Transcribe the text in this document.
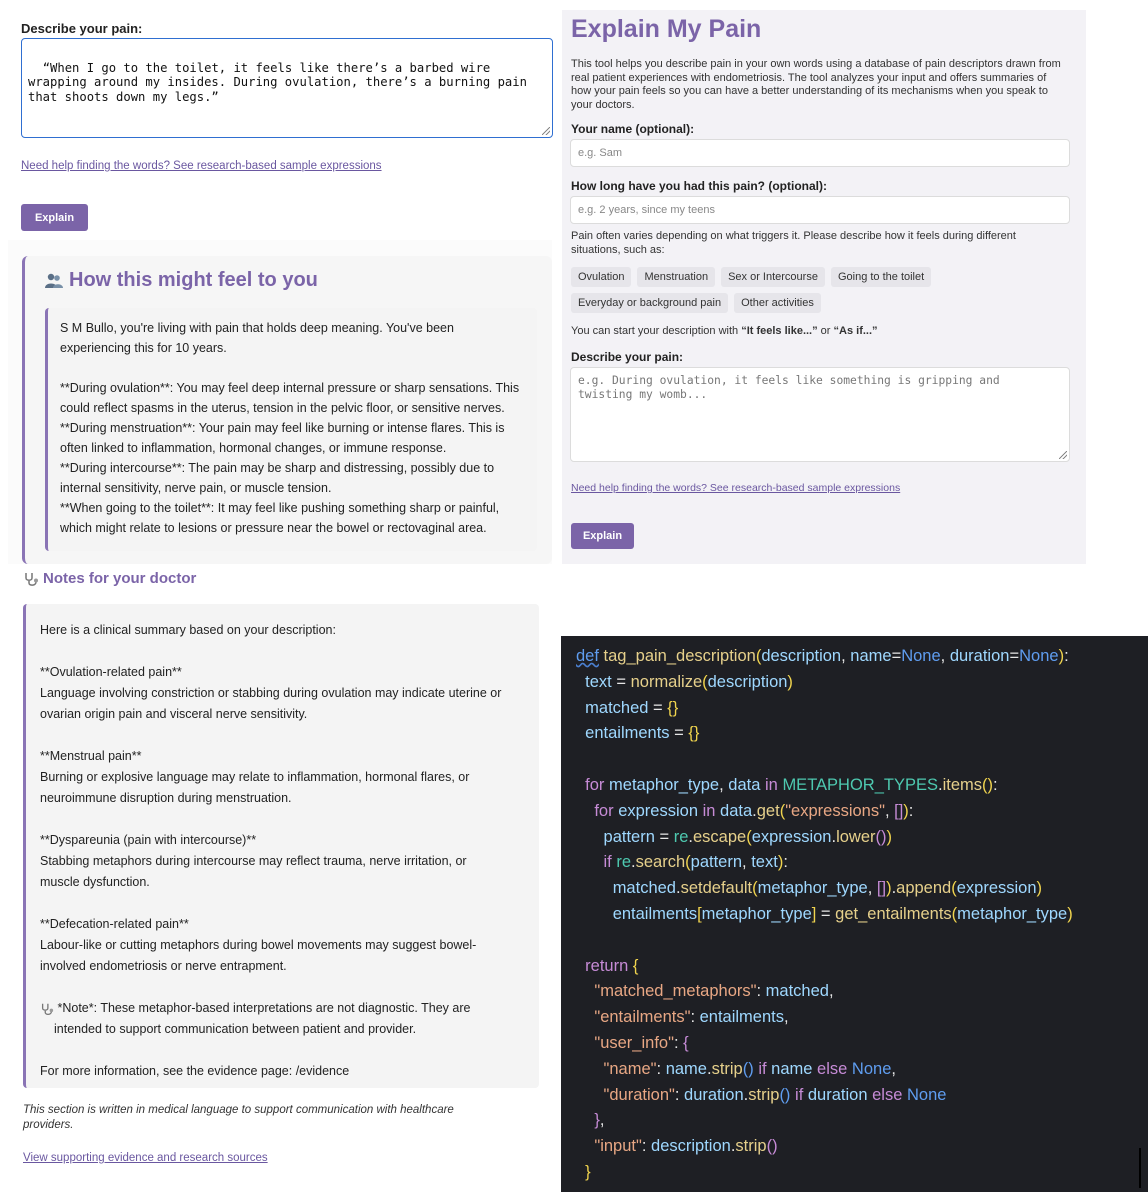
Describe your pain:

“When I go to the toilet, it feels like there’s a barbed wire
wrapping around my insides. During ovulation, there’s a burning pain
that shoots down my legs.”

Need help finding the words? See research-based sample expressions
Explain
How this might feel to you

S M Bullo, you're living with pain that holds deep meaning. You've been
experiencing this for 10 years.

**During ovulation**: You may feel deep internal pressure or sharp sensations. This
could reflect spasms in the uterus, tension in the pelvic floor, or sensitive nerves.
**During menstruation**: Your pain may feel like burning or intense flares. This is
often linked to inflammation, hormonal changes, or immune response.
**During intercourse**: The pain may be sharp and distressing, possibly due to
internal sensitivity, nerve pain, or muscle tension.
**When going to the toilet**: It may feel like pushing something sharp or painful,
which might relate to lesions or pressure near the bowel or rectovaginal area.

Notes for your doctor

Here is a clinical summary based on your description:

**Ovulation-related pain**

Language involving constriction or stabbing during ovulation may indicate uterine or
ovarian origin pain and visceral nerve sensitivity.

**Menstrual pain**

Burning or explosive language may relate to inflammation, hormonal flares, or
neuroimmune disruption during menstruation.

**Dyspareunia (pain with intercourse)**

Stabbing metaphors during intercourse may reflect trauma, nerve irritation, or
muscle dysfunction.

**Defecation-related pain**

Labour-like or cutting metaphors during bowel movements may suggest bowel-
involved endometriosis or nerve entrapment.

*Note*: These metaphor-based interpretations are not diagnostic. They are
intended to support communication between patient and provider.

For more information, see the evidence page: /evidence

This section is written in medical language to support communication with healthcare
providers.
View supporting evidence and research sources
Explain My Pain
This tool helps you describe pain in your own words using a database of pain descriptors drawn from
real patient experiences with endometriosis. The tool analyzes your input and offers summaries of
how your pain feels so you can have a better understanding of its mechanisms when you speak to
your doctors.
Your name (optional):
e.g. Sam
How long have you had this pain? (optional):
e.g. 2 years, since my teens
Pain often varies depending on what triggers it. Please describe how it feels during different
situations, such as:
Ovulation	Menstruation	Sex or Intercourse	Going to the toilet
Everyday or background pain	Other activities
You can start your description with “It feels like...” or “As if...”
Describe your pain:
e.g. During ovulation, it feels like something is gripping and
twisting my womb...
Need help finding the words? See research-based sample expressions
Explain
def tag_pain_description(description, name=None, duration=None):
text = normalize(description)
matched = {}
entailments = {}

for metaphor_type, data in METAPHOR_TYPES.items():
for expression in data.get("expressions", []):
pattern = re.escape(expression.lower())
if re.search(pattern, text):
matched.setdefault(metaphor_type, []).append(expression)
entailments[metaphor_type] = get_entailments(metaphor_type)

return {
"matched_metaphors": matched,
"entailments": entailments,
"user_info": {
"name": name.strip() if name else None,
"duration": duration.strip() if duration else None
},
"input": description.strip()
}
